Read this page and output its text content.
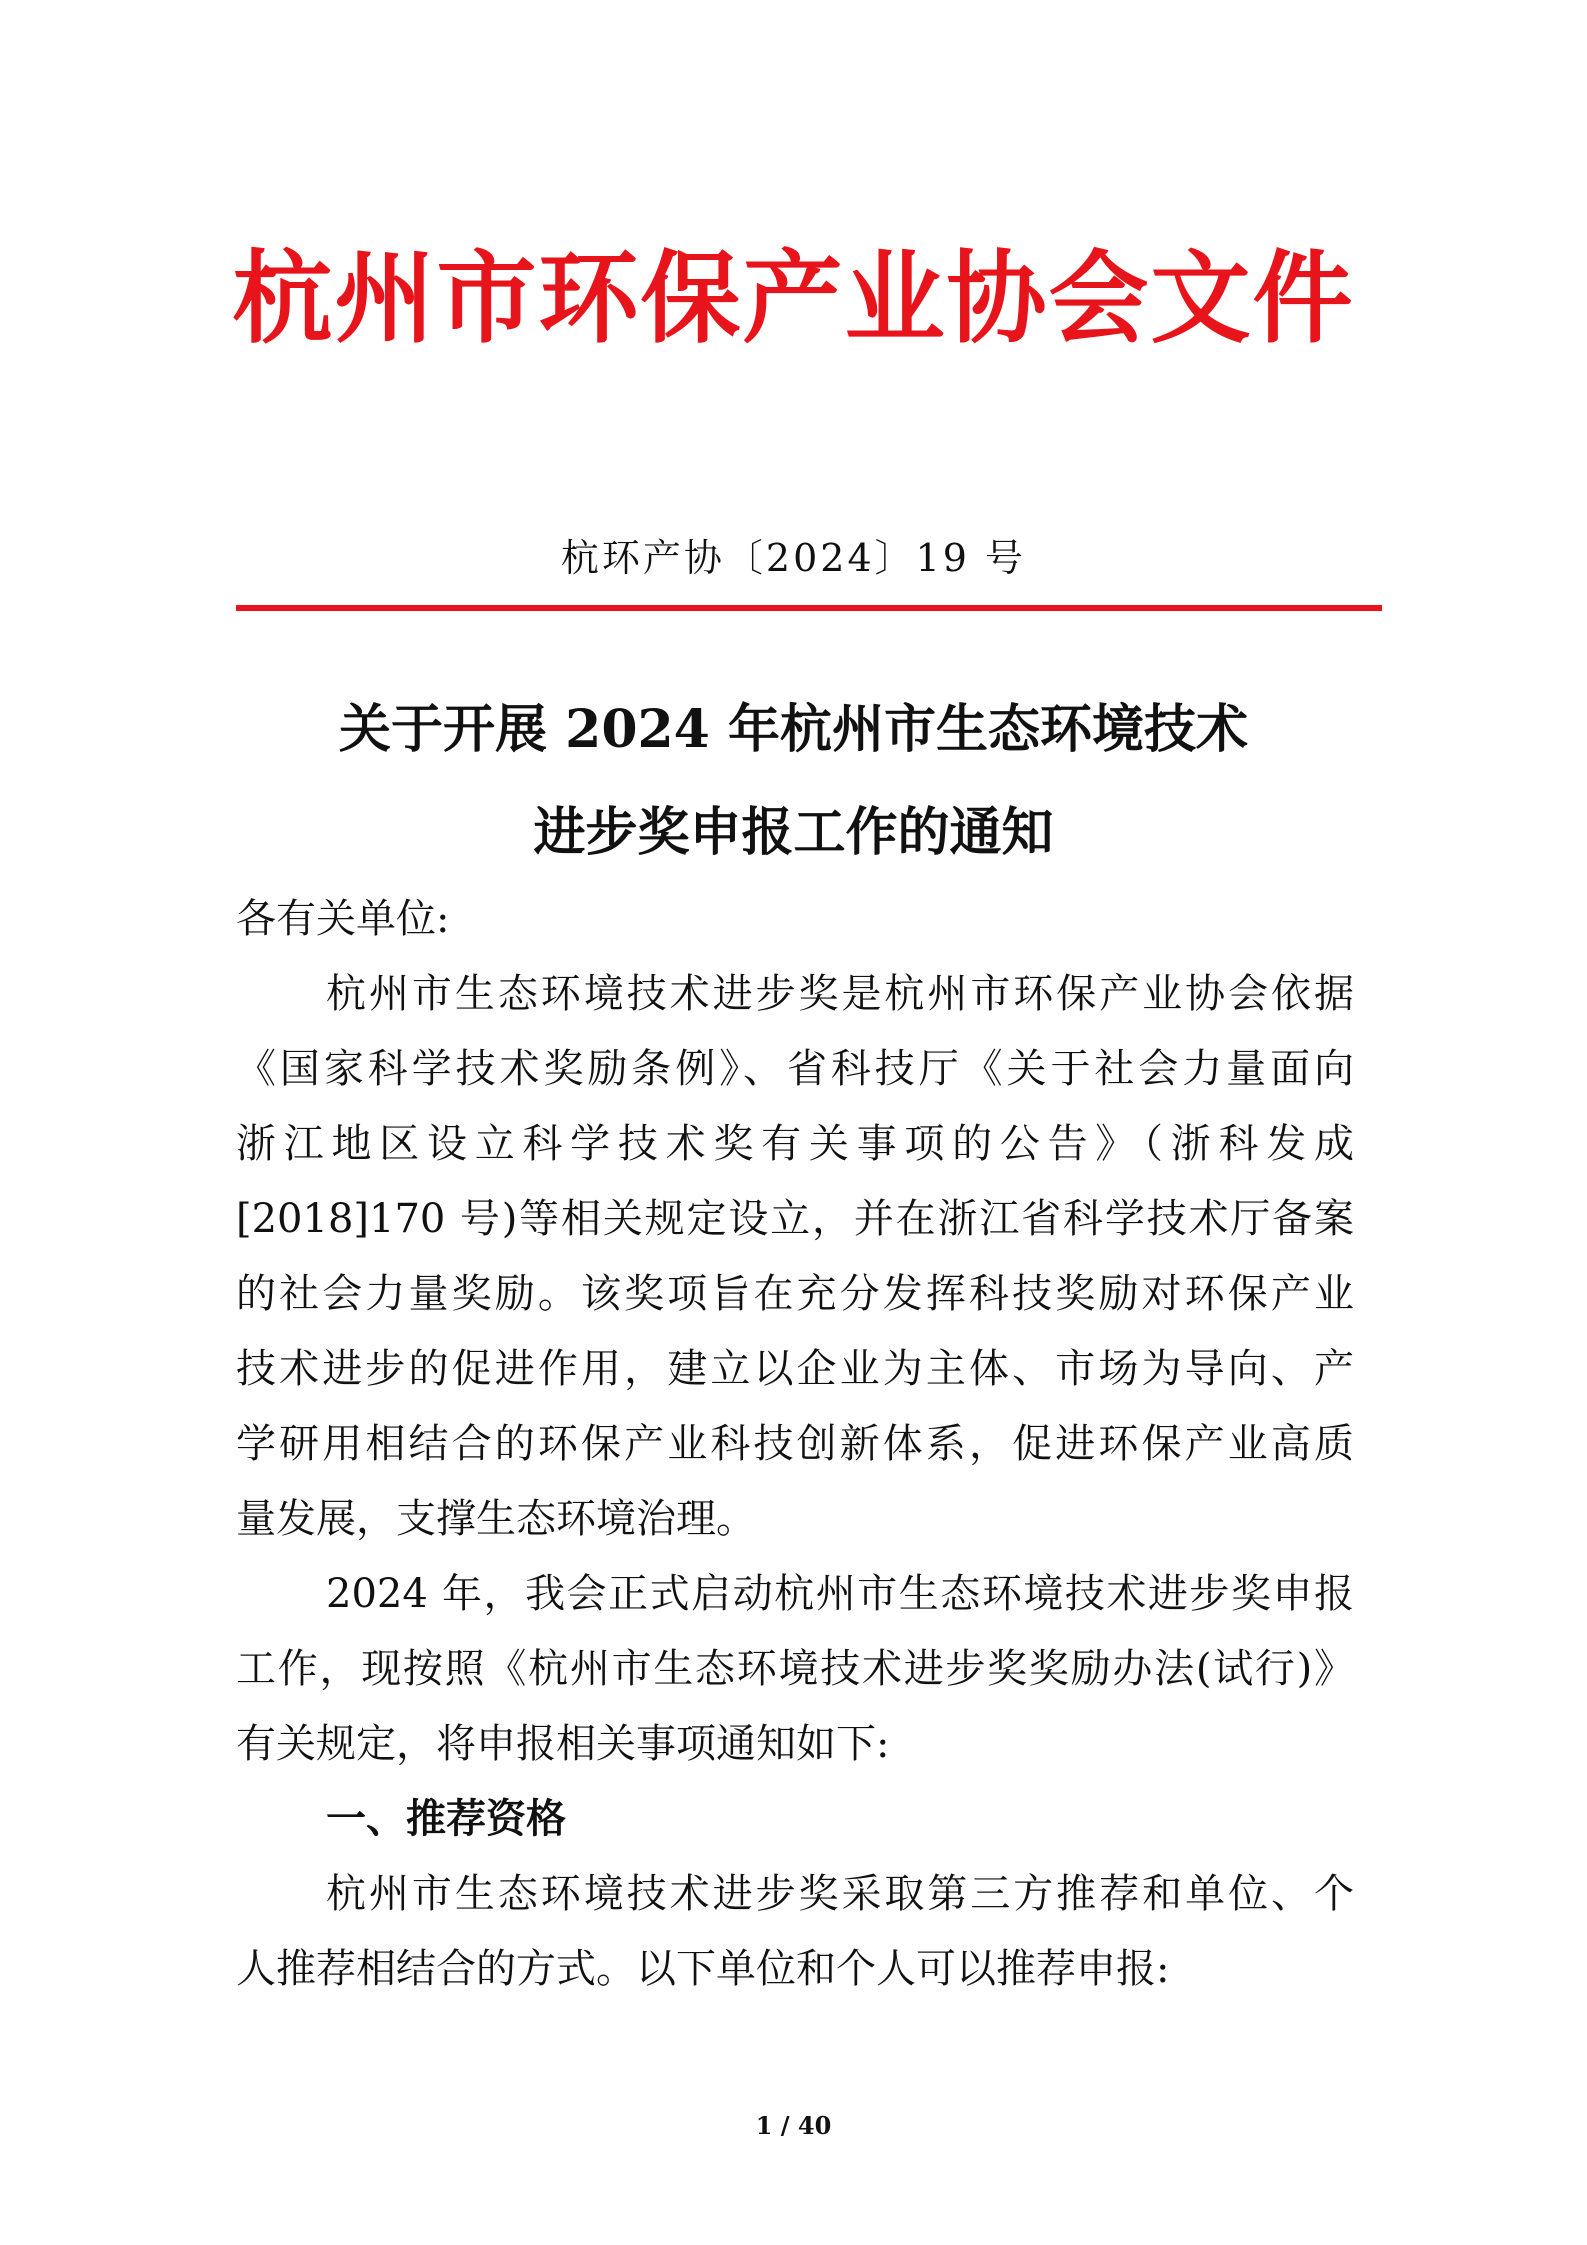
杭州市环保产业协会文件
杭环产协〔2024〕19 号
关于开展 2024 年杭州市生态环境技术
进步奖申报工作的通知
各有关单位:
杭州市生态环境技术进步奖是杭州市环保产业协会依据
《国家科学技术奖励条例》、省科技厅《关于社会力量面向
浙江地区设立科学技术奖有关事项的公告》（浙科发成
[2018]170 号)等相关规定设立，并在浙江省科学技术厅备案
的社会力量奖励。该奖项旨在充分发挥科技奖励对环保产业
技术进步的促进作用，建立以企业为主体、市场为导向、产
学研用相结合的环保产业科技创新体系，促进环保产业高质
量发展，支撑生态环境治理。
2024 年，我会正式启动杭州市生态环境技术进步奖申报
工作，现按照《杭州市生态环境技术进步奖奖励办法(试行)》
有关规定，将申报相关事项通知如下:
一、推荐资格
杭州市生态环境技术进步奖采取第三方推荐和单位、个
人推荐相结合的方式。以下单位和个人可以推荐申报:
1 / 40
